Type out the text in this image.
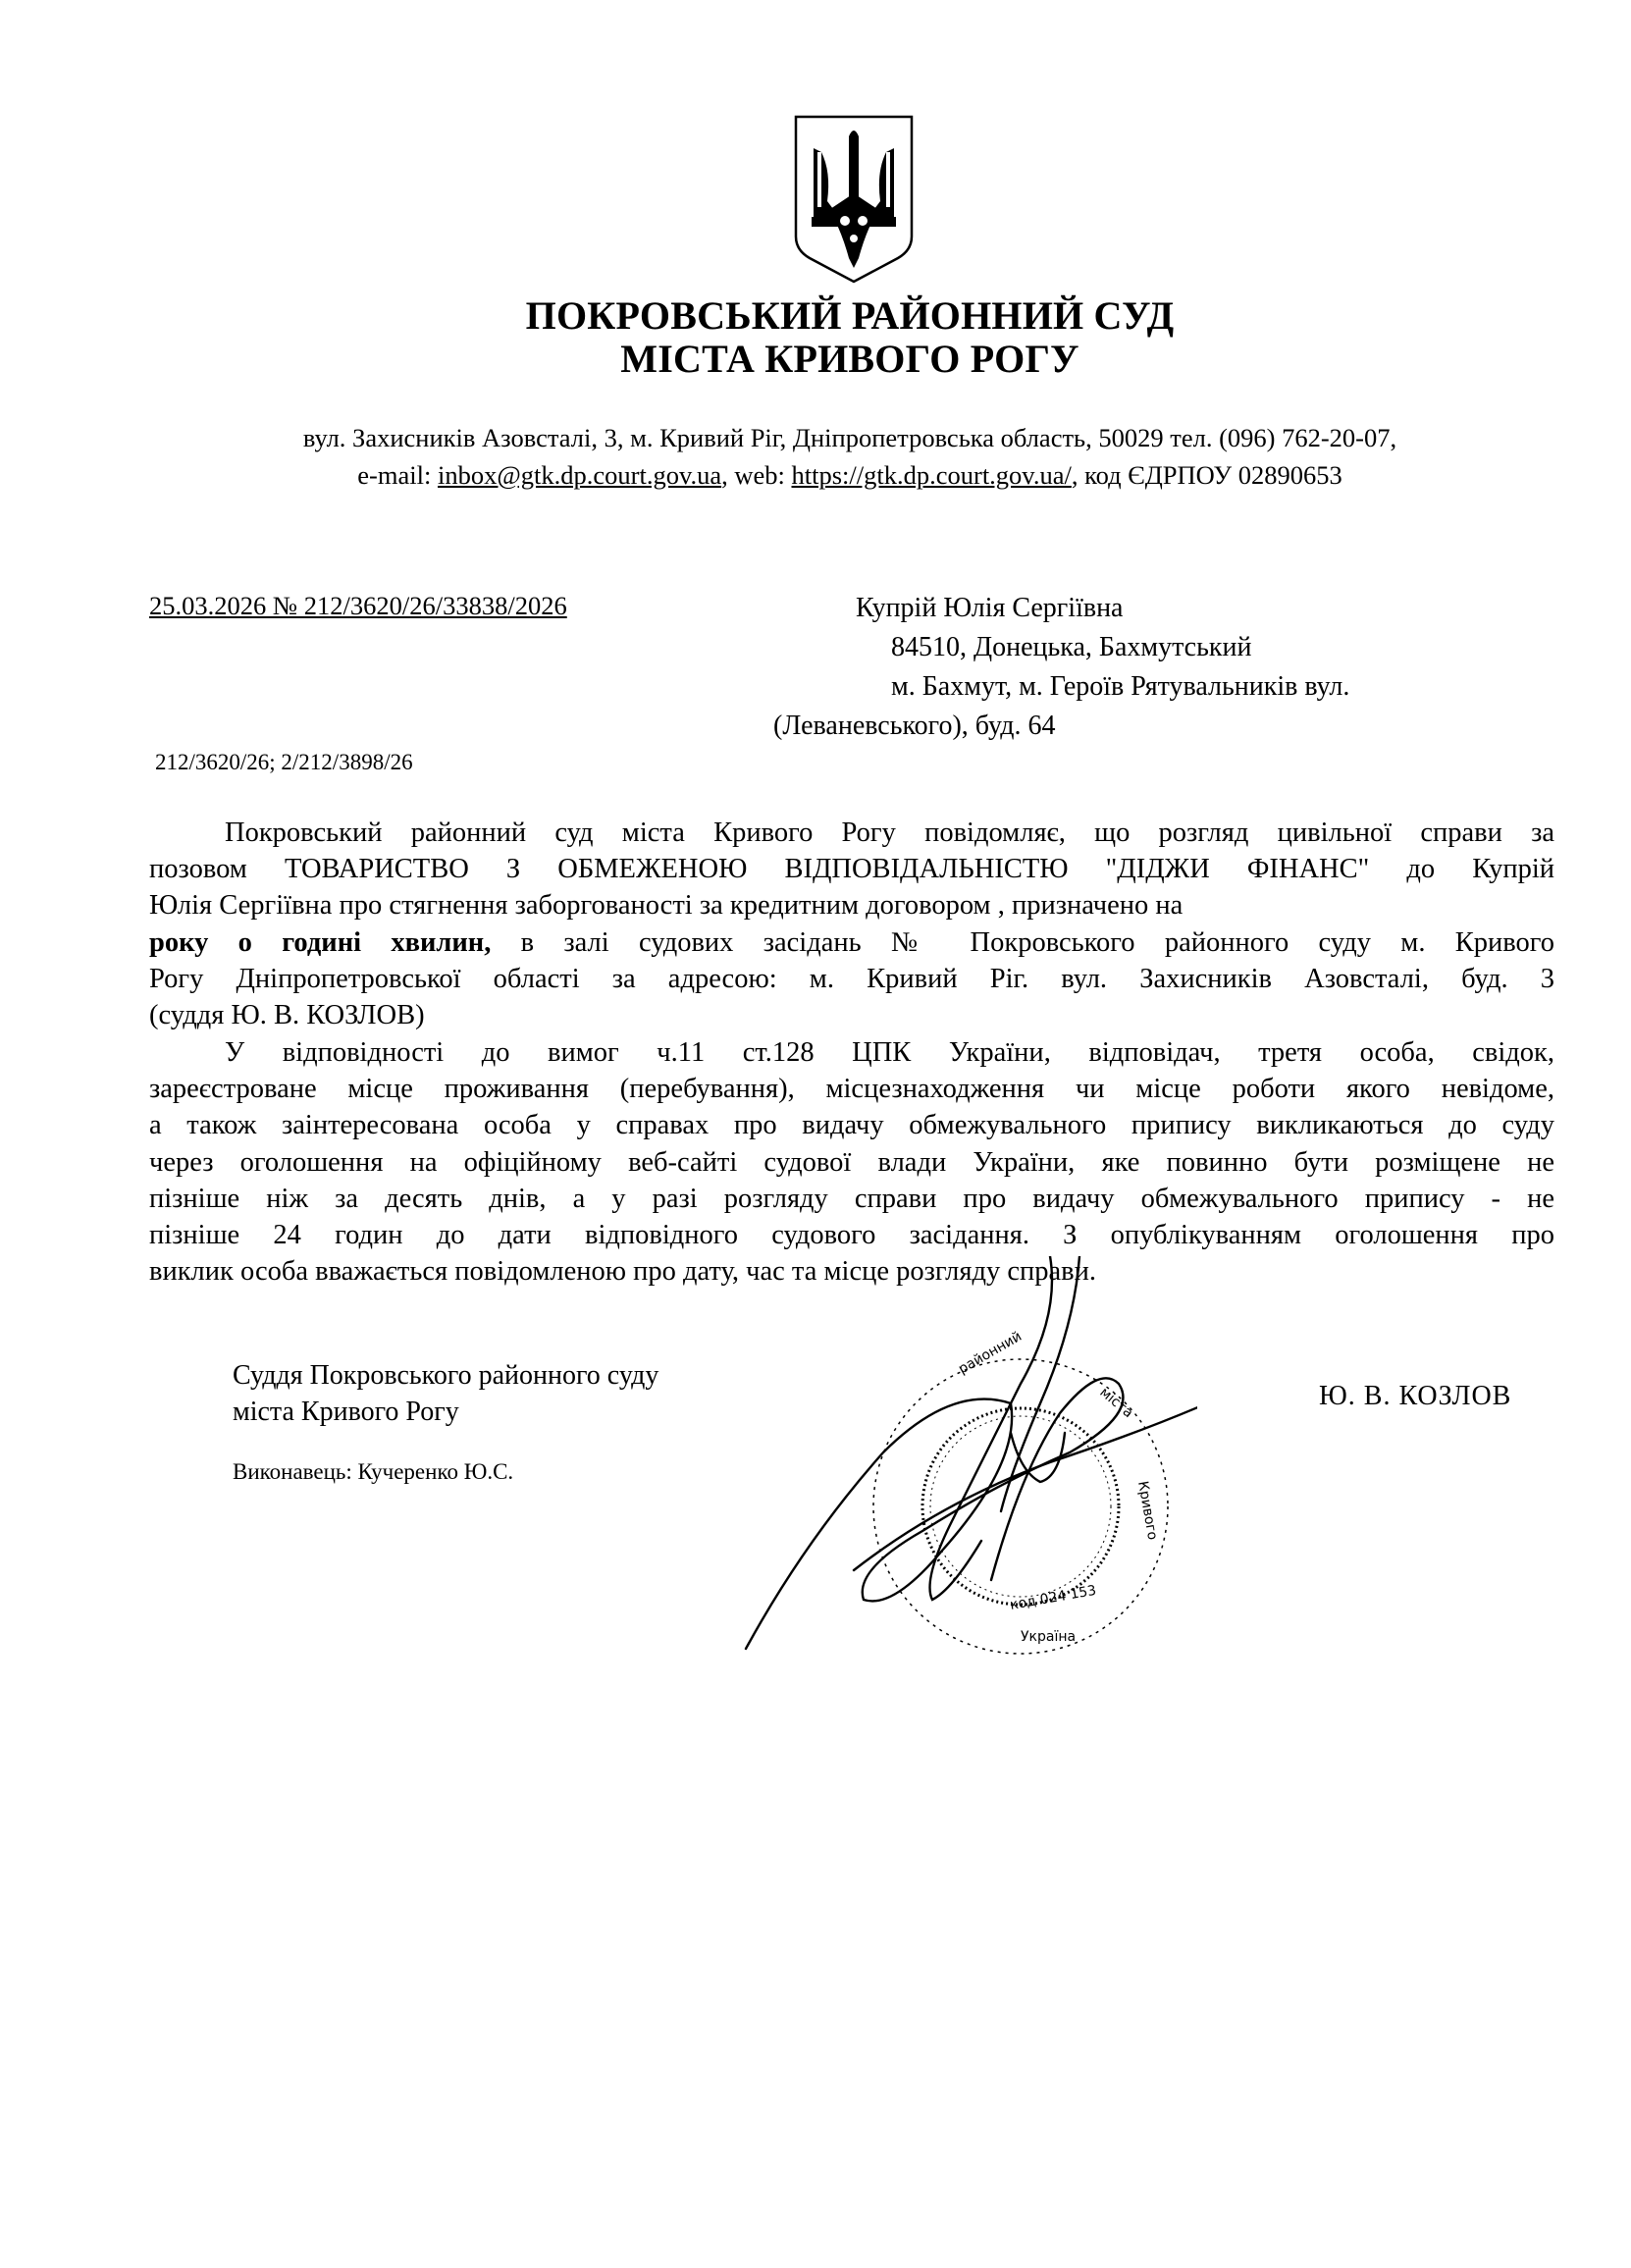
ПОКРОВСЬКИЙ РАЙОННИЙ СУД
МІСТА КРИВОГО РОГУ
вул. Захисників Азовсталі, 3, м. Кривий Ріг, Дніпропетровська область, 50029 тел. (096) 762-20-07,
e-mail: inbox@gtk.dp.court.gov.ua, web: https://gtk.dp.court.gov.ua/, код ЄДРПОУ 02890653
25.03.2026 № 212/3620/26/33838/2026	Купрій Юлія Сергіївна
84510, Донецька, Бахмутський
м. Бахмут, м. Героїв Рятувальників вул.
(Леваневського), буд. 64
212/3620/26; 2/212/3898/26
Покровський районний суд міста Кривого Рогу повідомляє, що розгляд цивільної справи за
позовом ТОВАРИСТВО З ОБМЕЖЕНОЮ ВІДПОВІДАЛЬНІСТЮ "ДІДЖИ ФІНАНС" до Купрій
Юлія Сергіївна про стягнення заборгованості за кредитним договором , призначено на
року о годині хвилин, в залі судових засідань № Покровського районного суду м. Кривого
Рогу Дніпропетровської області за адресою: м. Кривий Ріг. вул. Захисників Азовсталі, буд. 3
(суддя Ю. В. КОЗЛОВ)
У відповідності до вимог ч.11 ст.128 ЦПК України, відповідач, третя особа, свідок,
зареєстроване місце проживання (перебування), місцезнаходження чи місце роботи якого невідоме,
а також заінтересована особа у справах про видачу обмежувального припису викликаються до суду
через оголошення на офіційному веб-сайті судової влади України, яке повинно бути розміщене не
пізніше ніж за десять днів, а у разі розгляду справи про видачу обмежувального припису - не
пізніше 24 годин до дати відповідного судового засідання. З опублікуванням оголошення про
виклик особа вважається повідомленою про дату, час та місце розгляду справи.
Суддя Покровського районного суду
міста Кривого Рогу
Виконавець: Кучеренко Ю.С.
Ю. В. КОЗЛОВ
районний
міста
Кривого
Україна
код 024 153
